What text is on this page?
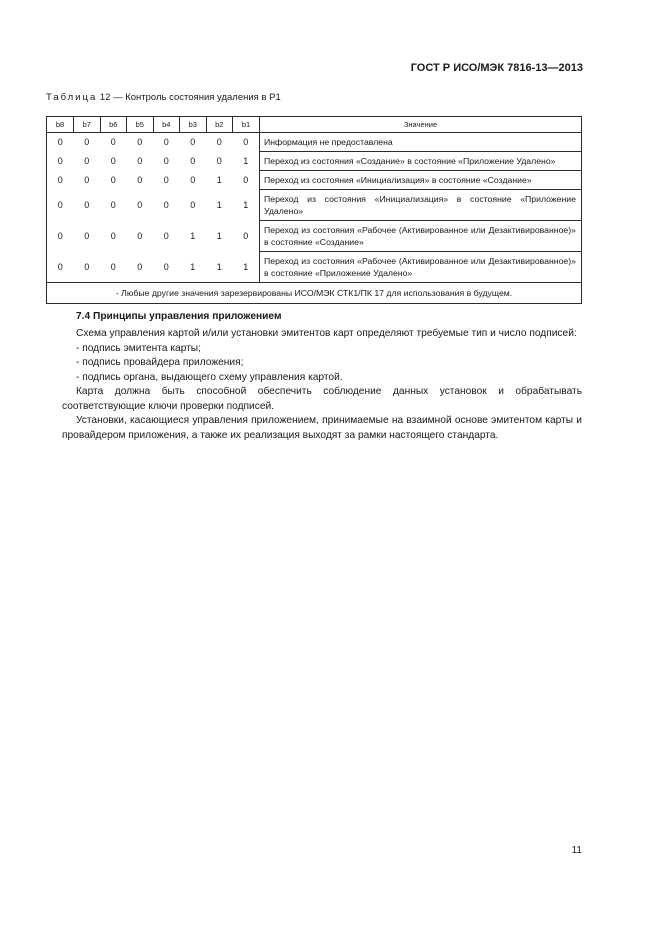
ГОСТ Р ИСО/МЭК 7816-13—2013
Таблица 12 — Контроль состояния удаления в P1
b8	b7	b6	b5	b4	b3	b2	b1	Значение
0	0	0	0	0	0	0	0	Информация не предоставлена
0	0	0	0	0	0	0	1	Переход из состояния «Создание» в состояние «Приложение Удалено»
0	0	0	0	0	0	1	0	Переход из состояния «Инициализация» в состояние «Создание»
0	0	0	0	0	0	1	1	Переход из состояния «Инициализация» в состояние «Приложение Удалено»
0	0	0	0	0	1	1	0	Переход из состояния «Рабочее (Активированное или Дезактивированное)» в состояние «Создание»
0	0	0	0	0	1	1	1	Переход из состояния «Рабочее (Активированное или Дезактивированное)» в состояние «Приложение Удалено»
- Любые другие значения зарезервированы ИСО/МЭК СТК1/ПК 17 для использования в будущем.								
7.4 Принципы управления приложением

Схема управления картой и/или установки эмитентов карт определяют требуемые тип и число подписей:

- подпись эмитента карты;

- подпись провайдера приложения;

- подпись органа, выдающего схему управления картой.

Карта должна быть способной обеспечить соблюдение данных установок и обрабатывать соответствующие ключи проверки подписей.

Установки, касающиеся управления приложением, принимаемые на взаимной основе эмитентом карты и провайдером приложения, а также их реализация выходят за рамки настоящего стандарта.

11
